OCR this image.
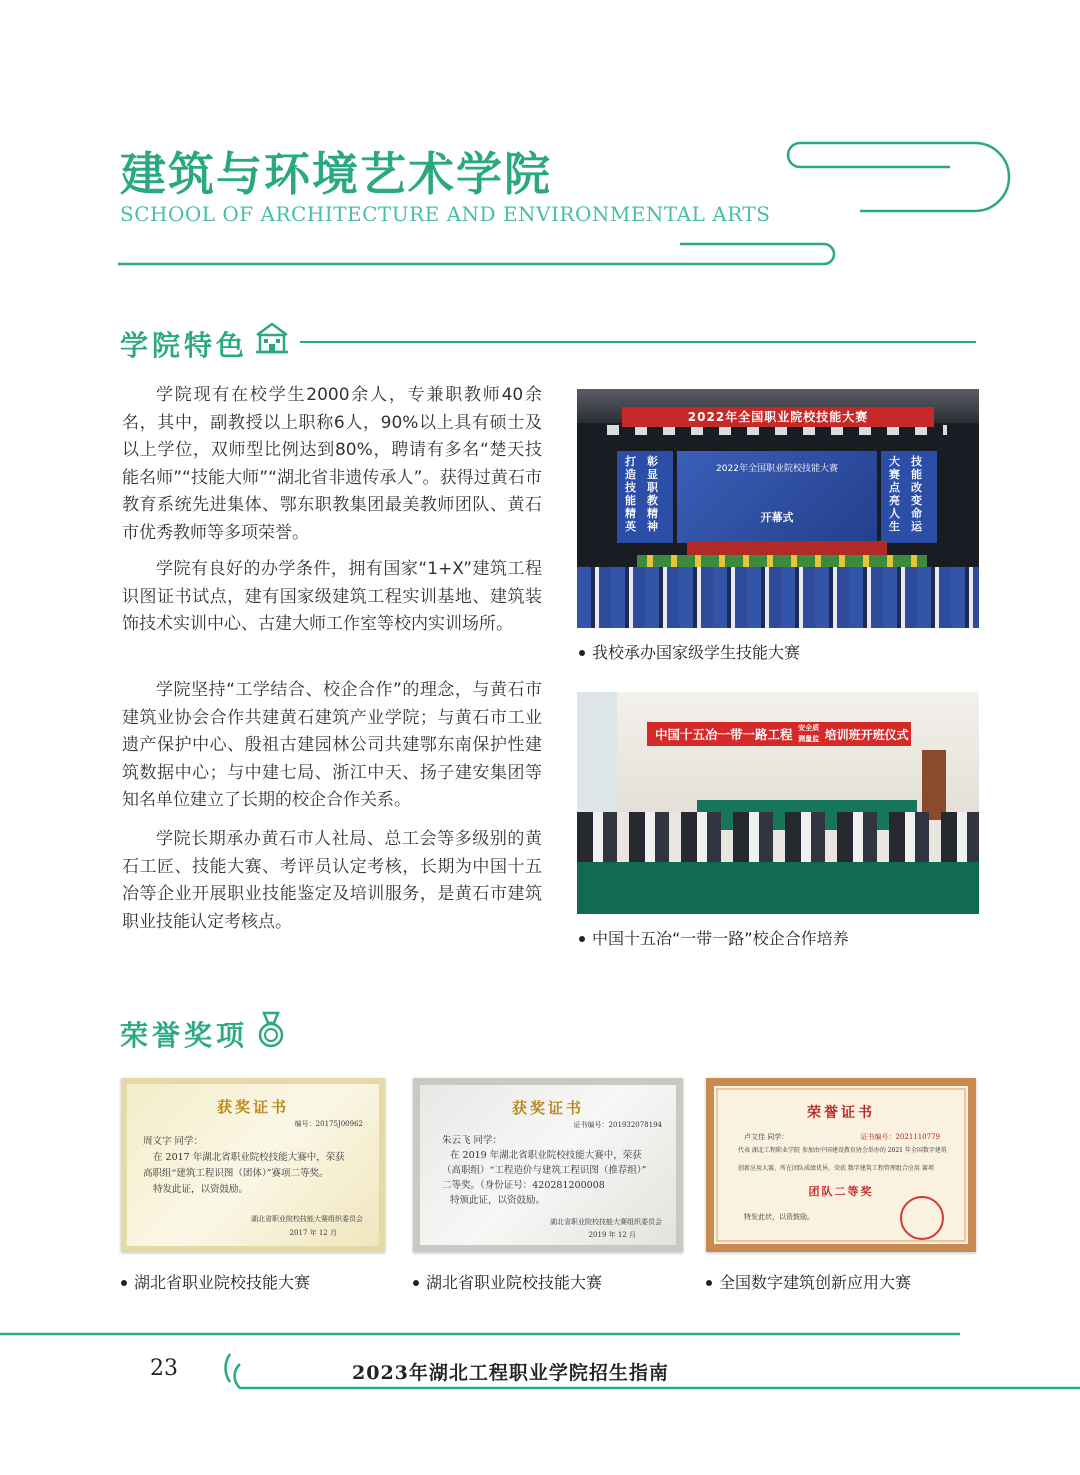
建筑与环境艺术学院
SCHOOL OF ARCHITECTURE AND ENVIRONMENTAL ARTS
学院特色

学院现有在校学生2000余人，专兼职教师40余名，其中，副教授以上职称6人，90%以上具有硕士及以上学位，双师型比例达到80%，聘请有多名“楚天技能名师”“技能大师”“湖北省非遗传承人”。获得过黄石市教育系统先进集体、鄂东职教集团最美教师团队、黄石市优秀教师等多项荣誉。

学院有良好的办学条件，拥有国家“1+X”建筑工程识图证书试点，建有国家级建筑工程实训基地、建筑装饰技术实训中心、古建大师工作室等校内实训场所。

学院坚持“工学结合、校企合作”的理念，与黄石市建筑业协会合作共建黄石建筑产业学院；与黄石市工业遗产保护中心、殷祖古建园林公司共建鄂东南保护性建筑数据中心；与中建七局、浙江中天、扬子建安集团等知名单位建立了长期的校企合作关系。

学院长期承办黄石市人社局、总工会等多级别的黄石工匠、技能大赛、考评员认定考核，长期为中国十五冶等企业开展职业技能鉴定及培训服务，是黄石市建筑职业技能认定考核点。

2022年全国职业院校技能大赛
2022年全国职业院校技能大赛
开幕式
打造技能精英
彰显职教精神
大赛点亮人生
技能改变命运
我校承办国家级学生技能大赛
中国十五冶一带一路工程 安全质
测量监 培训班开班仪式
中国十五冶“一带一路”校企合作培养
荣誉奖项
获奖证书
编号：20175J00962
周文字 同学：
在 2017 年湖北省职业院校技能大赛中，荣获
高职组“建筑工程识图（团体）”赛项二等奖。
特发此证，以资鼓励。
湖北省职业院校技能大赛组织委员会
2017 年 12 月
湖北省职业院校技能大赛
获奖证书
证书编号：201932078194
朱云飞 同学：
在 2019 年湖北省职业院校技能大赛中，荣获
（高职组）“工程造价与建筑工程识图（推荐组）”
二等奖。（身份证号：420281200008
特颁此证，以资鼓励。
湖北省职业院校技能大赛组织委员会
2019 年 12 月
湖北省职业院校技能大赛
荣誉证书
卢文佳 同学：	证书编号：2021110779
代表 湖北工程职业学院 参加由中国建设教育协会举办的 2021 年全国数字建筑
创新应用大赛，所在团队成绩优异，荣获 数字建筑工程管理组合应用 赛项
团队二等奖
特发此状，以资鼓励。
全国数字建筑创新应用大赛
23	2023年湖北工程职业学院招生指南
